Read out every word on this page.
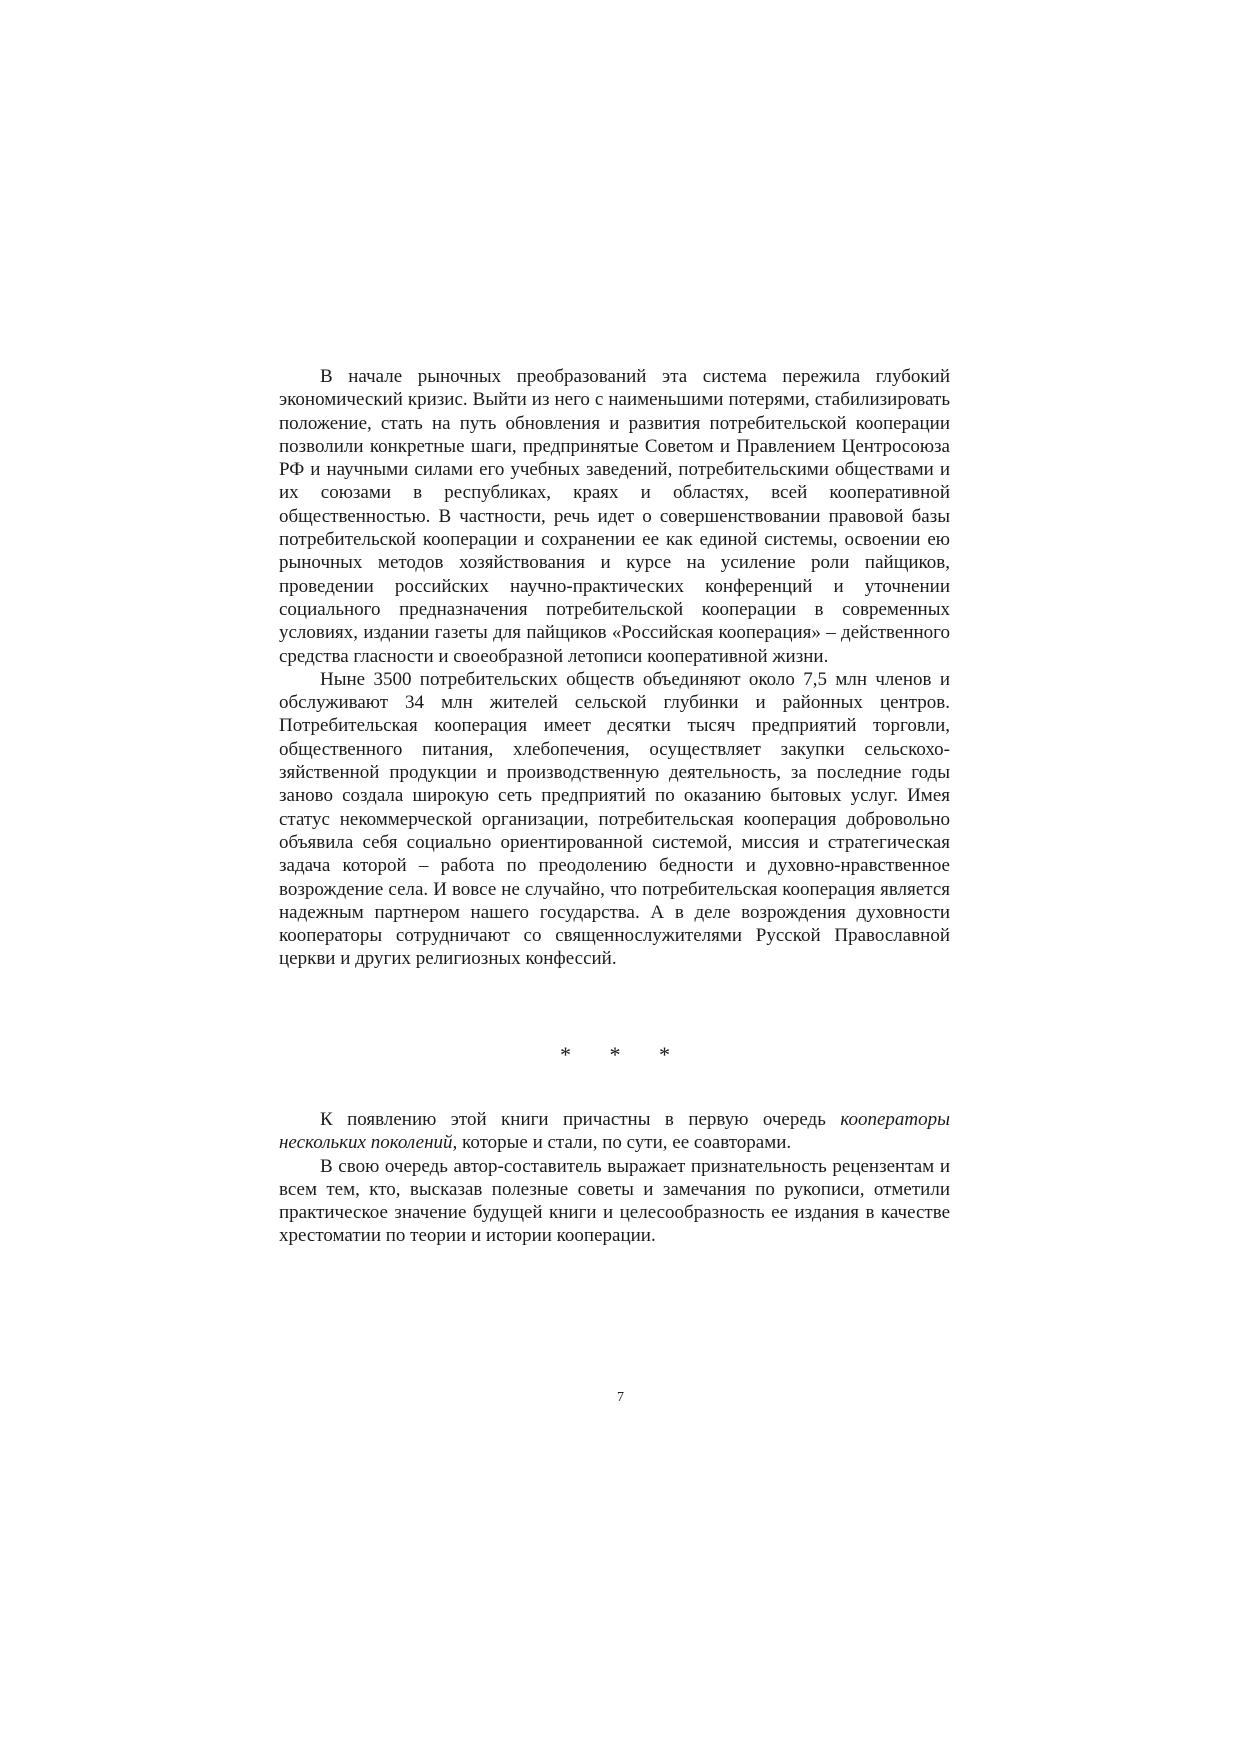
В начале рыночных преобразований эта система пережила глубокий экономический кризис. Выйти из него с наименьшими потерями, стабилизировать положение, стать на путь обновления и развития потребительской кооперации позволили конкретные шаги, предпринятые Советом и Правлением Центросоюза РФ и научными силами его учебных заведений, потребительскими обществами и их союзами в республиках, краях и областях, всей кооперативной общественностью. В частности, речь идет о совершенствовании правовой базы потребительской кооперации и сохранении ее как единой системы, освоении ею рыночных методов хозяйствования и курсе на усиление роли пайщиков, проведении российских научно-практических конференций и уточнении социального предназначения потребительской кооперации в современных условиях, издании газеты для пайщиков «Российская кооперация» – действенного средства гласности и своеобразной летописи кооперативной жизни.

Ныне 3500 потребительских обществ объединяют около 7,5 млн членов и обслуживают 34 млн жителей сельской глубинки и районных центров. Потребительская кооперация имеет десятки тысяч предприятий торговли, общественного питания, хлебопечения, осуществляет закупки сельскохозяйственной продукции и производственную деятельность, за последние годы заново создала широкую сеть предприятий по оказанию бытовых услуг. Имея статус некоммерческой организации, потребительская кооперация добровольно объявила себя социально ориентированной системой, миссия и стратегическая задача которой – работа по преодолению бедности и духовно-нравственное возрождение села. И вовсе не случайно, что потребительская кооперация является надежным партнером нашего государства. А в деле возрождения духовности кооператоры сотрудничают со священнослужителями Русской Православной церкви и других религиозных конфессий.

* * *

К появлению этой книги причастны в первую очередь кооператоры нескольких поколений, которые и стали, по сути, ее соавторами.

В свою очередь автор-составитель выражает признательность рецензентам и всем тем, кто, высказав полезные советы и замечания по рукописи, отметили практическое значение будущей книги и целесообразность ее издания в качестве хрестоматии по теории и истории кооперации.

7
